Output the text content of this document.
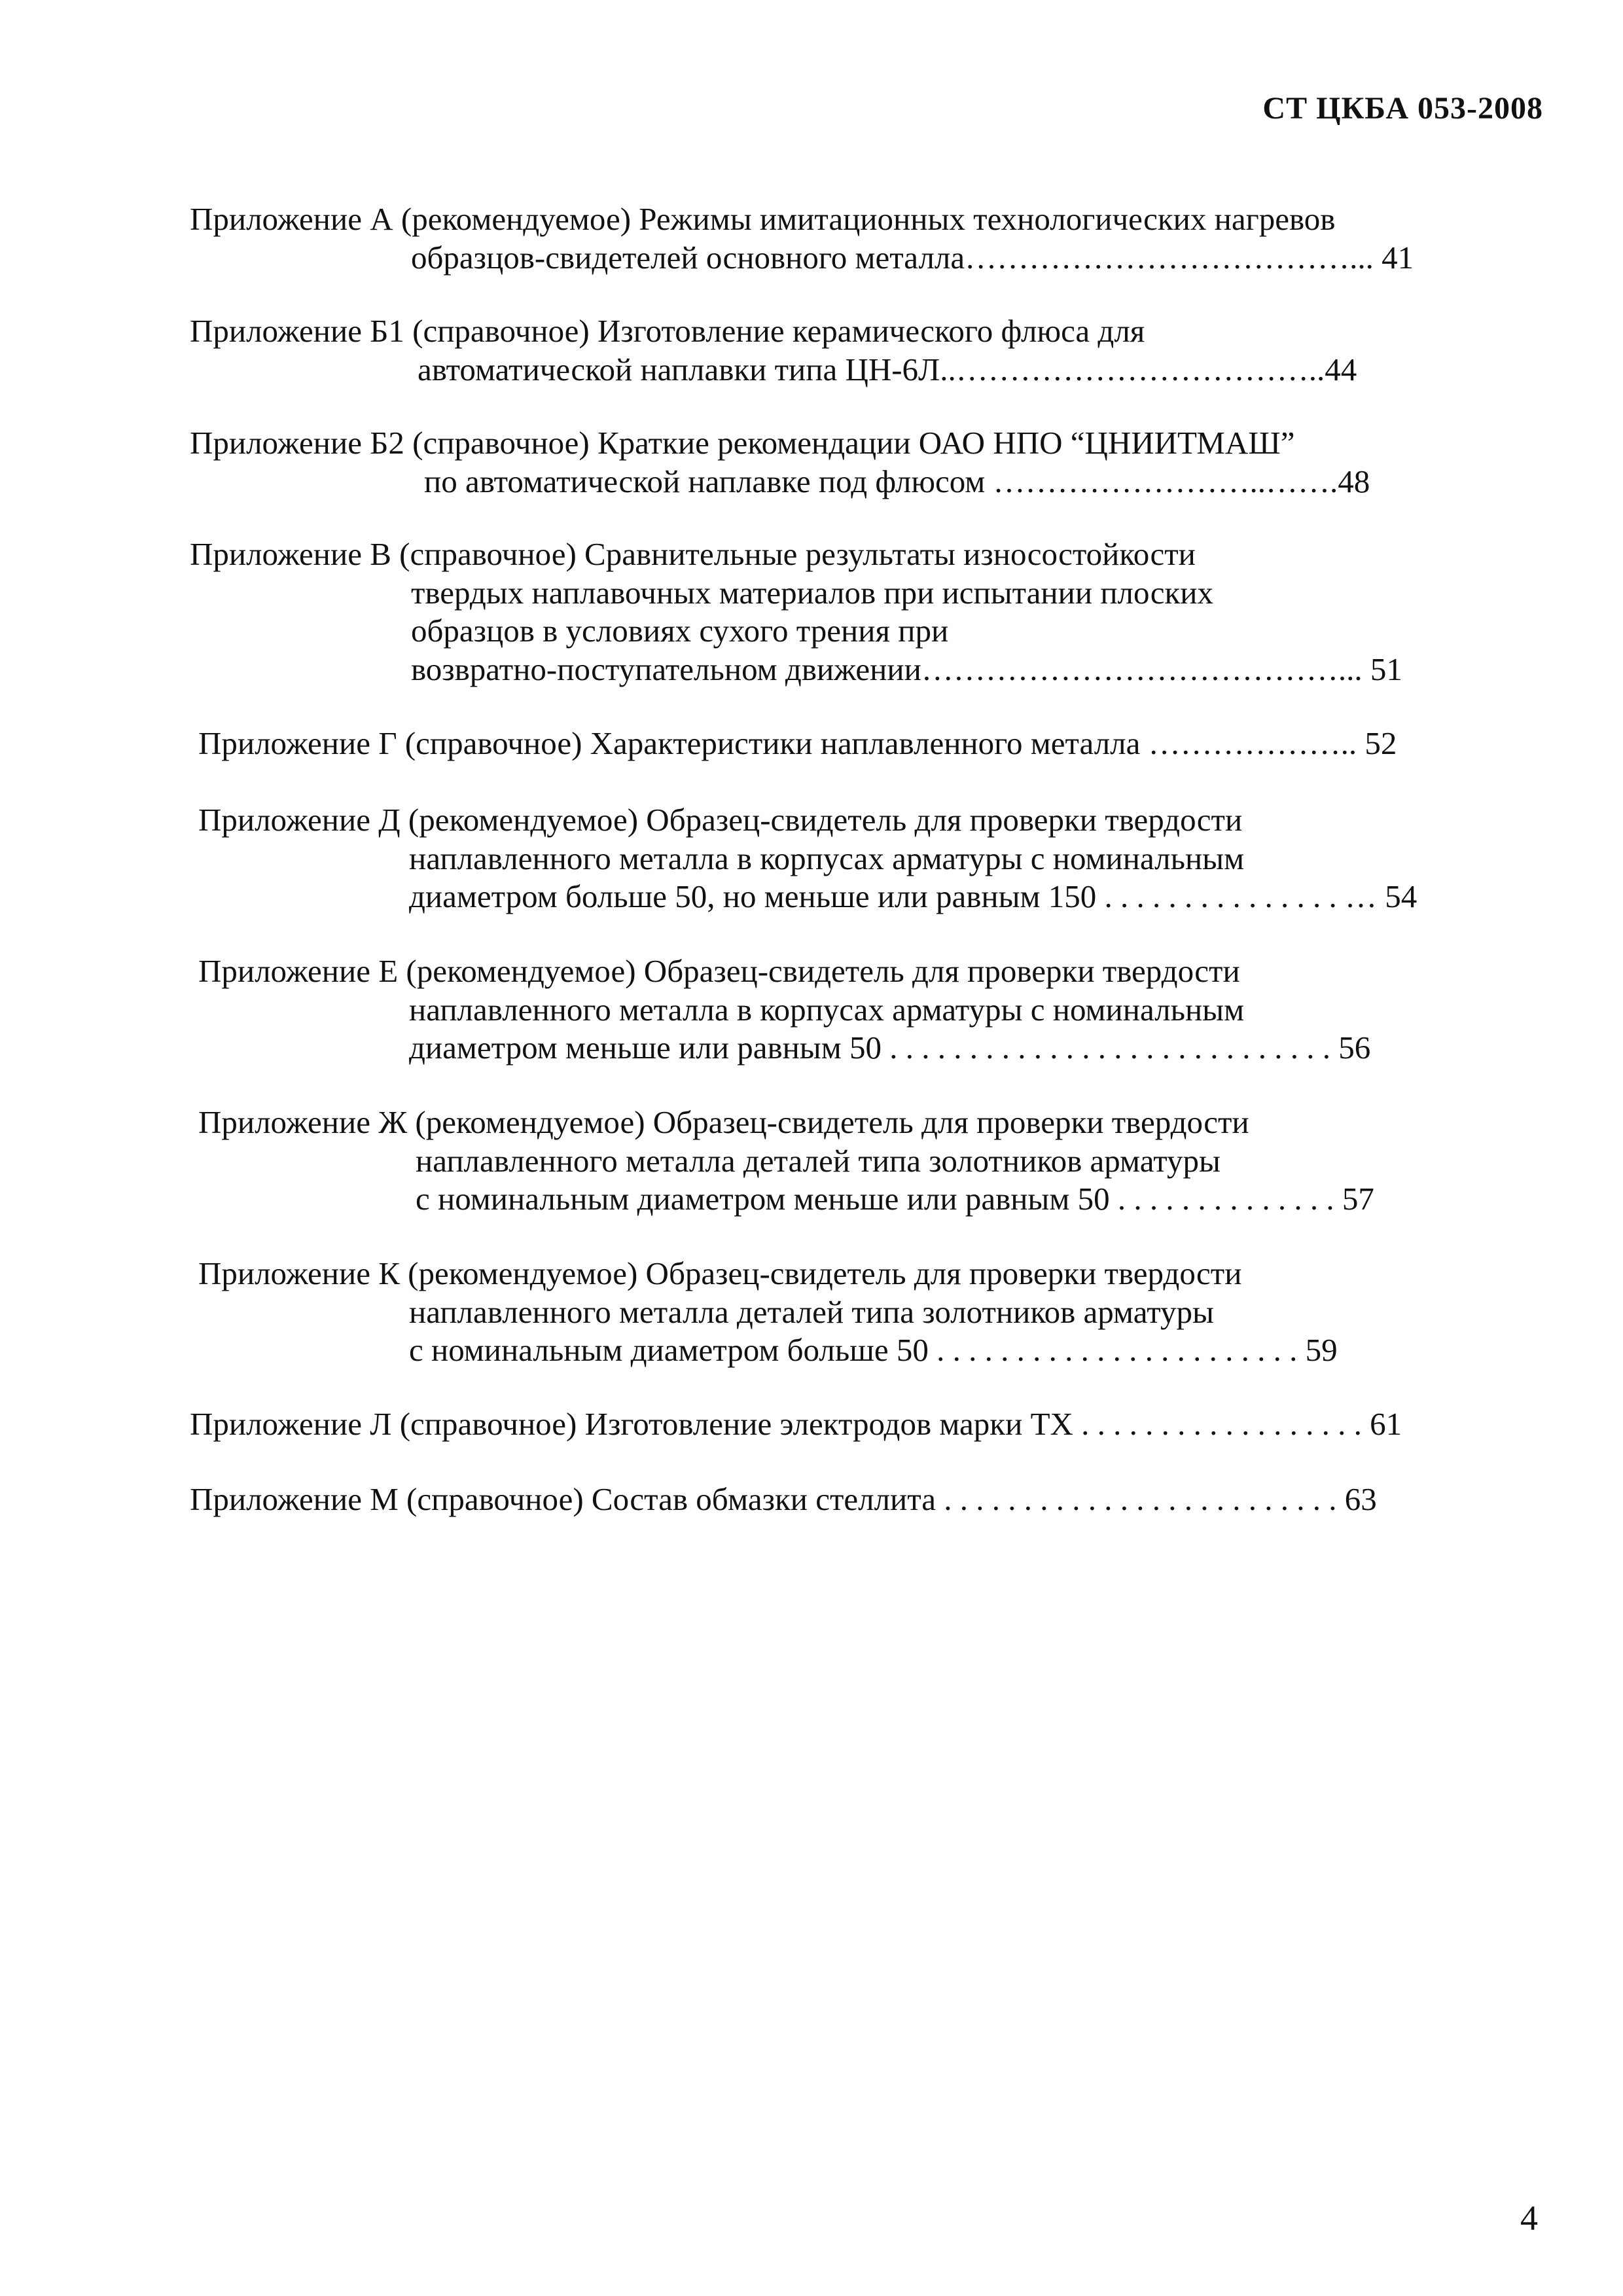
СТ ЦКБА 053-2008
Приложение А (рекомендуемое) Режимы имитационных технологических нагревов
образцов-свидетелей основного металла………………………………... 41
Приложение Б1 (справочное) Изготовление керамического флюса для
автоматической наплавки типа ЦН-6Л..……………………………..44
Приложение Б2 (справочное) Краткие рекомендации ОАО НПО “ЦНИИТМАШ”
по автоматической наплавке под флюсом ……………………..…….48
Приложение В (справочное) Сравнительные результаты износостойкости
твердых наплавочных материалов при испытании плоских
образцов в условиях сухого трения при
возвратно-поступательном движении…………………………………... 51
Приложение Г (справочное) Характеристики наплавленного металла ……………….. 52
Приложение Д (рекомендуемое) Образец-свидетель для проверки твердости
наплавленного металла в корпусах арматуры с номинальным
диаметром больше 50, но меньше или равным 150 . . . . . . . . . . . . . . . … 54
Приложение Е (рекомендуемое) Образец-свидетель для проверки твердости
наплавленного металла в корпусах арматуры с номинальным
диаметром меньше или равным 50 . . . . . . . . . . . . . . . . . . . . . . . . . . . . 56
Приложение Ж (рекомендуемое) Образец-свидетель для проверки твердости
наплавленного металла деталей типа золотников арматуры
с номинальным диаметром меньше или равным 50 . . . . . . . . . . . . . . 57
Приложение К (рекомендуемое) Образец-свидетель для проверки твердости
наплавленного металла деталей типа золотников арматуры
с номинальным диаметром больше 50 . . . . . . . . . . . . . . . . . . . . . . . 59
Приложение Л (справочное) Изготовление электродов марки ТХ . . . . . . . . . . . . . . . . . . 61
Приложение М (справочное) Состав обмазки стеллита . . . . . . . . . . . . . . . . . . . . . . . . . 63
4
